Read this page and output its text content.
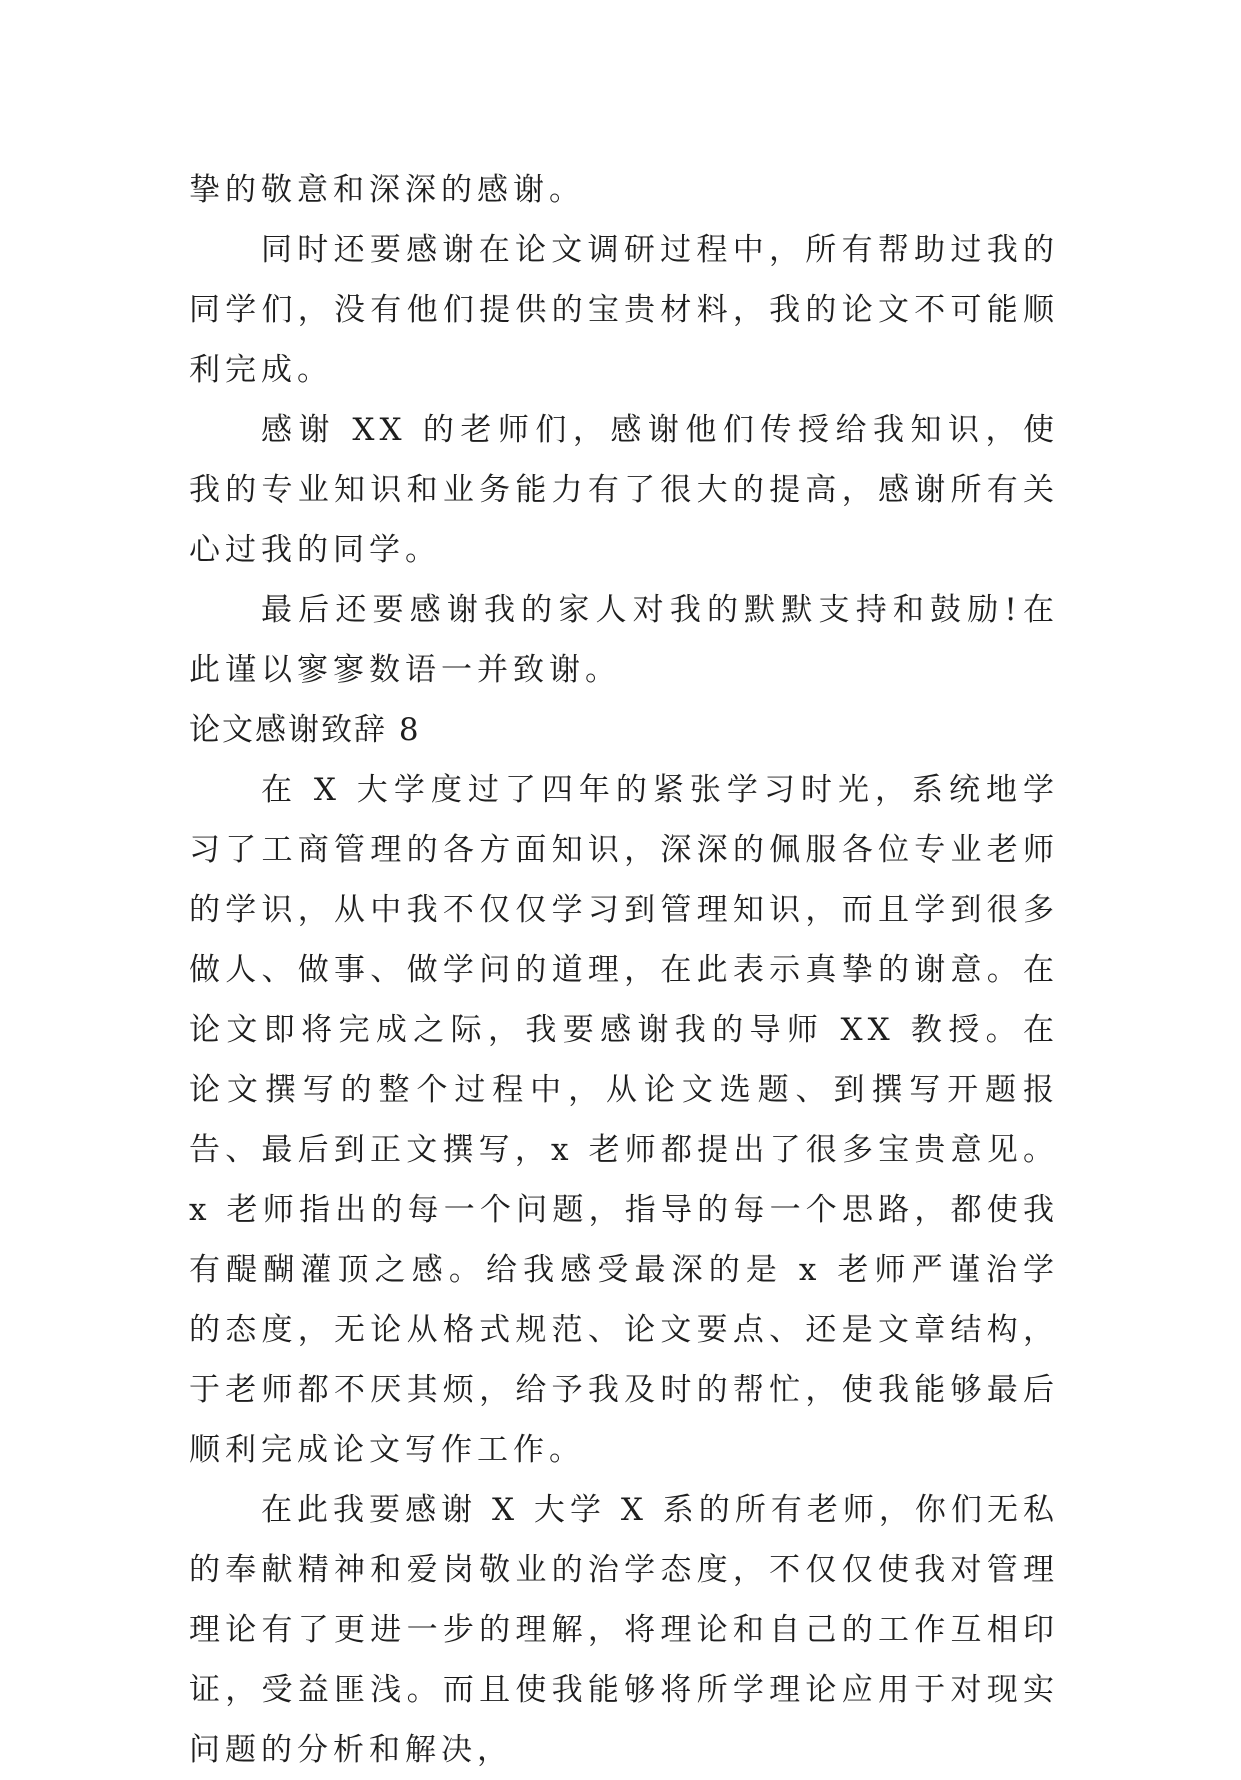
挚的敬意和深深的感谢。

同时还要感谢在论文调研过程中，所有帮助过我的同学们，没有他们提供的宝贵材料，我的论文不可能顺利完成。

感谢 XX 的老师们，感谢他们传授给我知识，使我的专业知识和业务能力有了很大的提高，感谢所有关心过我的同学。

最后还要感谢我的家人对我的默默支持和鼓励!在此谨以寥寥数语一并致谢。

论文感谢致辞 8

在 X 大学度过了四年的紧张学习时光，系统地学习了工商管理的各方面知识，深深的佩服各位专业老师的学识，从中我不仅仅学习到管理知识，而且学到很多做人、做事、做学问的道理，在此表示真挚的谢意。在论文即将完成之际，我要感谢我的导师 XX 教授。在论文撰写的整个过程中，从论文选题、到撰写开题报告、最后到正文撰写，x 老师都提出了很多宝贵意见。x 老师指出的每一个问题，指导的每一个思路，都使我有醍醐灌顶之感。给我感受最深的是 x 老师严谨治学的态度，无论从格式规范、论文要点、还是文章结构，于老师都不厌其烦，给予我及时的帮忙，使我能够最后顺利完成论文写作工作。

在此我要感谢 X 大学 X 系的所有老师，你们无私的奉献精神和爱岗敬业的治学态度，不仅仅使我对管理理论有了更进一步的理解，将理论和自己的工作互相印证，受益匪浅。而且使我能够将所学理论应用于对现实问题的分析和解决，
